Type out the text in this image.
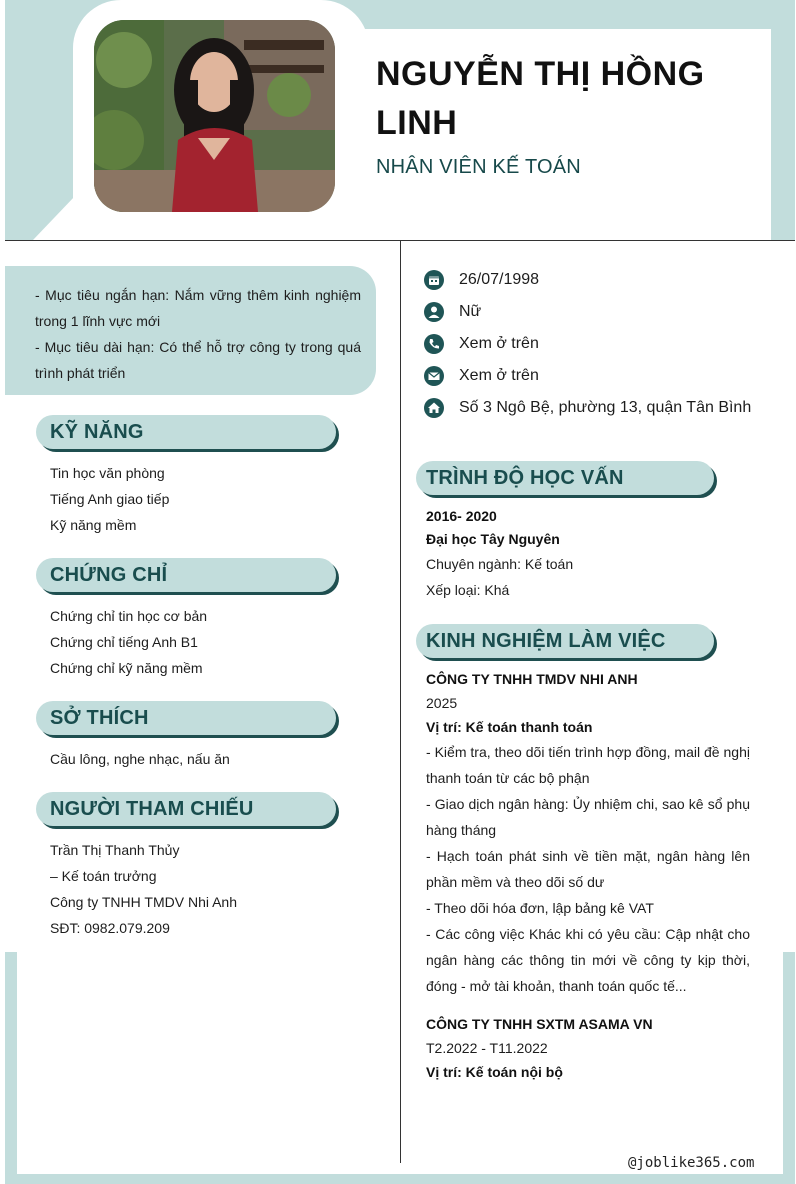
NGUYỄN THỊ HỒNG LINH
NHÂN VIÊN KẾ TOÁN

- Mục tiêu ngắn hạn: Nắm vững thêm kinh nghiệm trong 1 lĩnh vực mới

- Mục tiêu dài hạn: Có thể hỗ trợ công ty trong quá trình phát triển

KỸ NĂNG
Tin học văn phòng
Tiếng Anh giao tiếp
Kỹ năng mềm
CHỨNG CHỈ
Chứng chỉ tin học cơ bản
Chứng chỉ tiếng Anh B1
Chứng chỉ kỹ năng mềm
SỞ THÍCH
Cầu lông, nghe nhạc, nấu ăn
NGƯỜI THAM CHIẾU
Trần Thị Thanh Thủy
– Kế toán trưởng
Công ty TNHH TMDV Nhi Anh
SĐT: 0982.079.209
26/07/1998
Nữ
Xem ở trên
Xem ở trên
Số 3 Ngô Bệ, phường 13, quận Tân Bình
TRÌNH ĐỘ HỌC VẤN
2016- 2020
Đại học Tây Nguyên
Chuyên ngành: Kế toán
Xếp loại: Khá
KINH NGHIỆM LÀM VIỆC
CÔNG TY TNHH TMDV NHI ANH
2025
Vị trí: Kế toán thanh toán
- Kiểm tra, theo dõi tiến trình hợp đồng, mail đề nghị thanh toán từ các bộ phận
- Giao dịch ngân hàng: Ủy nhiệm chi, sao kê sổ phụ hàng tháng
- Hạch toán phát sinh về tiền mặt, ngân hàng lên phần mềm và theo dõi số dư
- Theo dõi hóa đơn, lập bảng kê VAT
- Các công việc Khác khi có yêu cầu: Cập nhật cho ngân hàng các thông tin mới về công ty kịp thời, đóng - mở tài khoản, thanh toán quốc tế...
CÔNG TY TNHH SXTM ASAMA VN
T2.2022 - T11.2022
Vị trí: Kế toán nội bộ
@joblike365.com
